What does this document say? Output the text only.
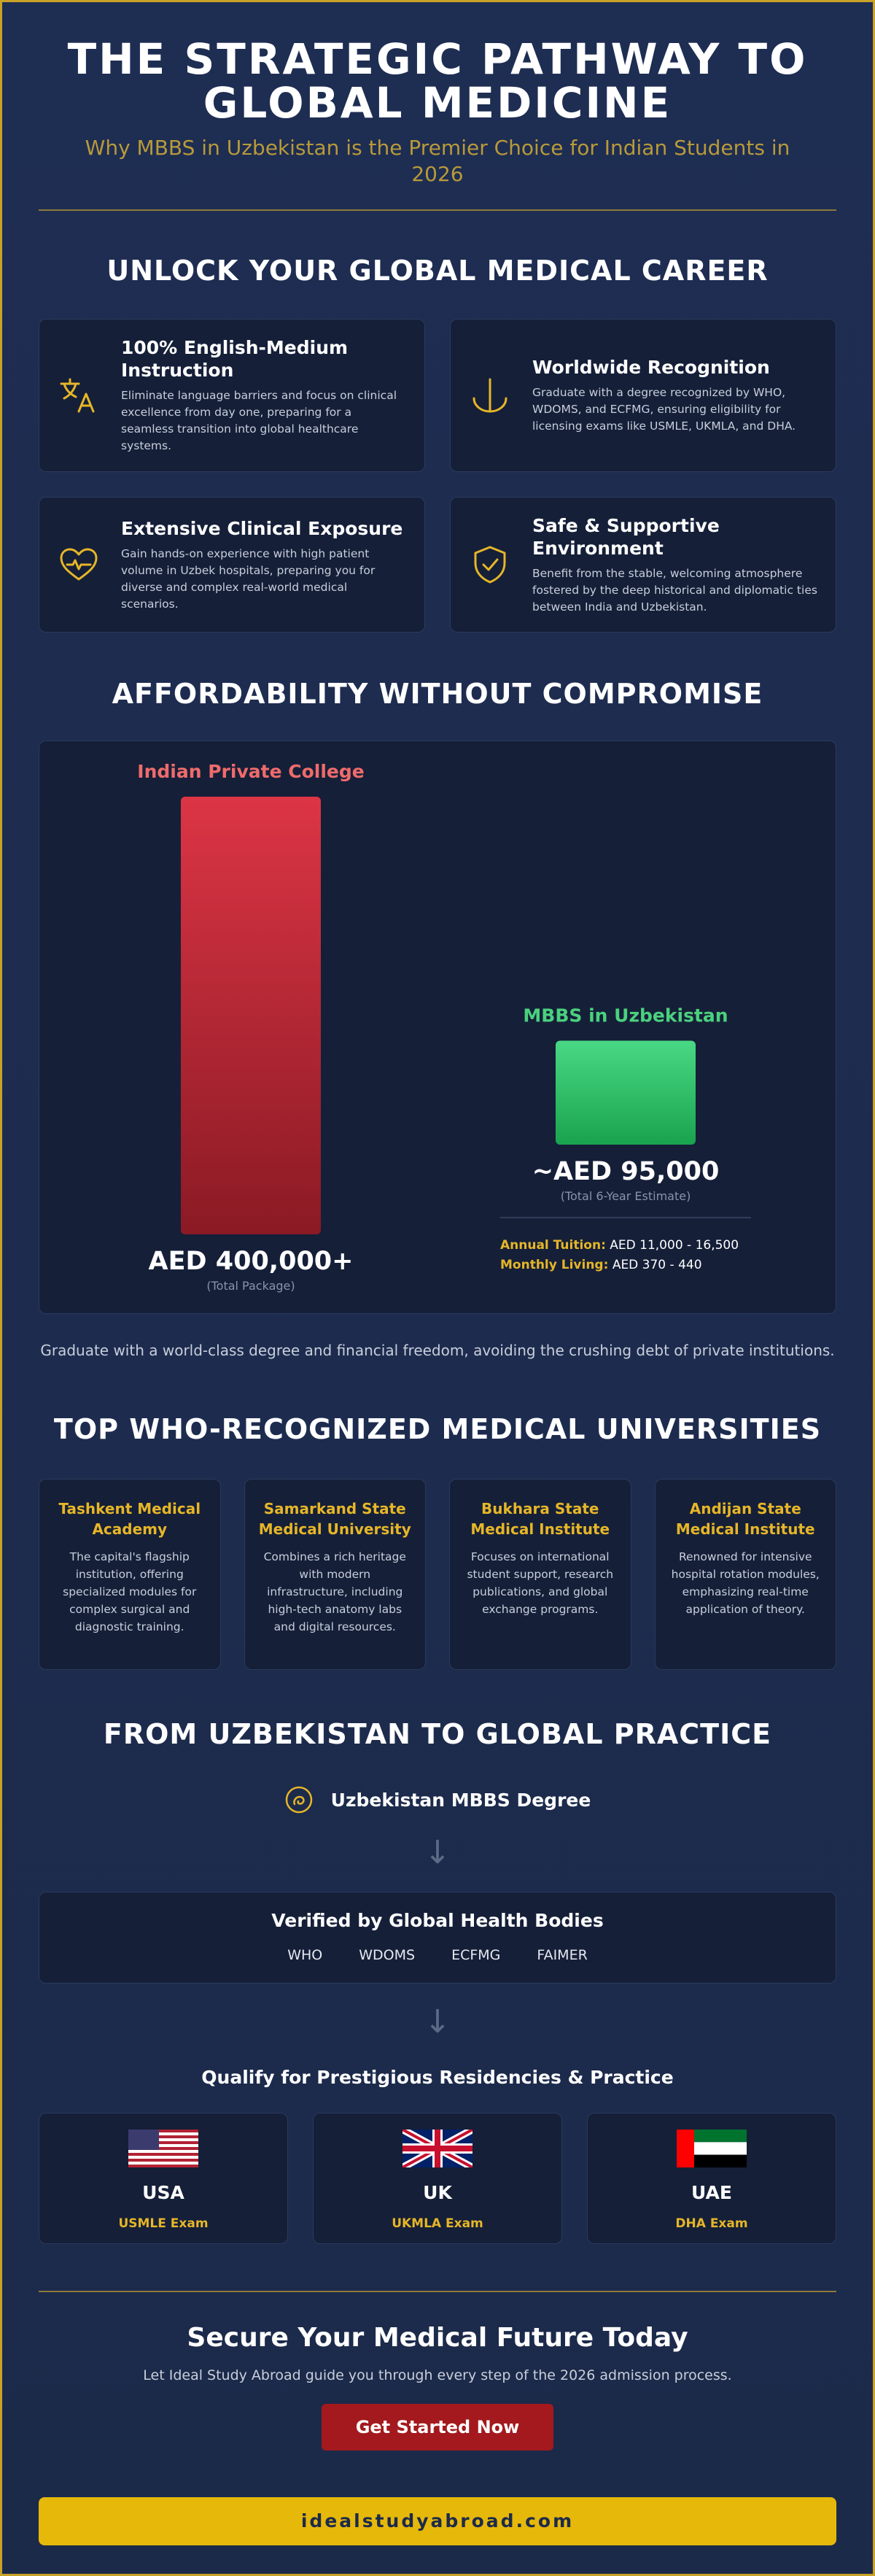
THE STRATEGIC PATHWAY TO GLOBAL MEDICINE
Why MBBS in Uzbekistan is the Premier Choice for Indian Students in 2026
UNLOCK YOUR GLOBAL MEDICAL CAREER
100% English-Medium Instruction

Eliminate language barriers and focus on clinical excellence from day one, preparing for a seamless transition into global healthcare systems.

Worldwide Recognition

Graduate with a degree recognized by WHO, WDOMS, and ECFMG, ensuring eligibility for licensing exams like USMLE, UKMLA, and DHA.

Extensive Clinical Exposure

Gain hands-on experience with high patient volume in Uzbek hospitals, preparing you for diverse and complex real-world medical scenarios.

Safe & Supportive Environment

Benefit from the stable, welcoming atmosphere fostered by the deep historical and diplomatic ties between India and Uzbekistan.

AFFORDABILITY WITHOUT COMPROMISE
Indian Private College
AED 400,000+
(Total Package)
MBBS in Uzbekistan
~AED 95,000
(Total 6-Year Estimate)
Annual Tuition: AED 11,000 - 16,500
Monthly Living: AED 370 - 440
Graduate with a world-class degree and financial freedom, avoiding the crushing debt of private institutions.
TOP WHO-RECOGNIZED MEDICAL UNIVERSITIES
Tashkent Medical Academy

The capital's flagship institution, offering specialized modules for complex surgical and diagnostic training.

Samarkand State Medical University

Combines a rich heritage with modern infrastructure, including high-tech anatomy labs and digital resources.

Bukhara State Medical Institute

Focuses on international student support, research publications, and global exchange programs.

Andijan State Medical Institute

Renowned for intensive hospital rotation modules, emphasizing real-time application of theory.

FROM UZBEKISTAN TO GLOBAL PRACTICE
Uzbekistan MBBS Degree
↓
Verified by Global Health Bodies
WHO	WDOMS	ECFMG	FAIMER
↓
Qualify for Prestigious Residencies & Practice
USA
USMLE Exam
UK
UKMLA Exam
UAE
DHA Exam
Secure Your Medical Future Today

Let Ideal Study Abroad guide you through every step of the 2026 admission process.

Get Started Now
idealstudyabroad.com
